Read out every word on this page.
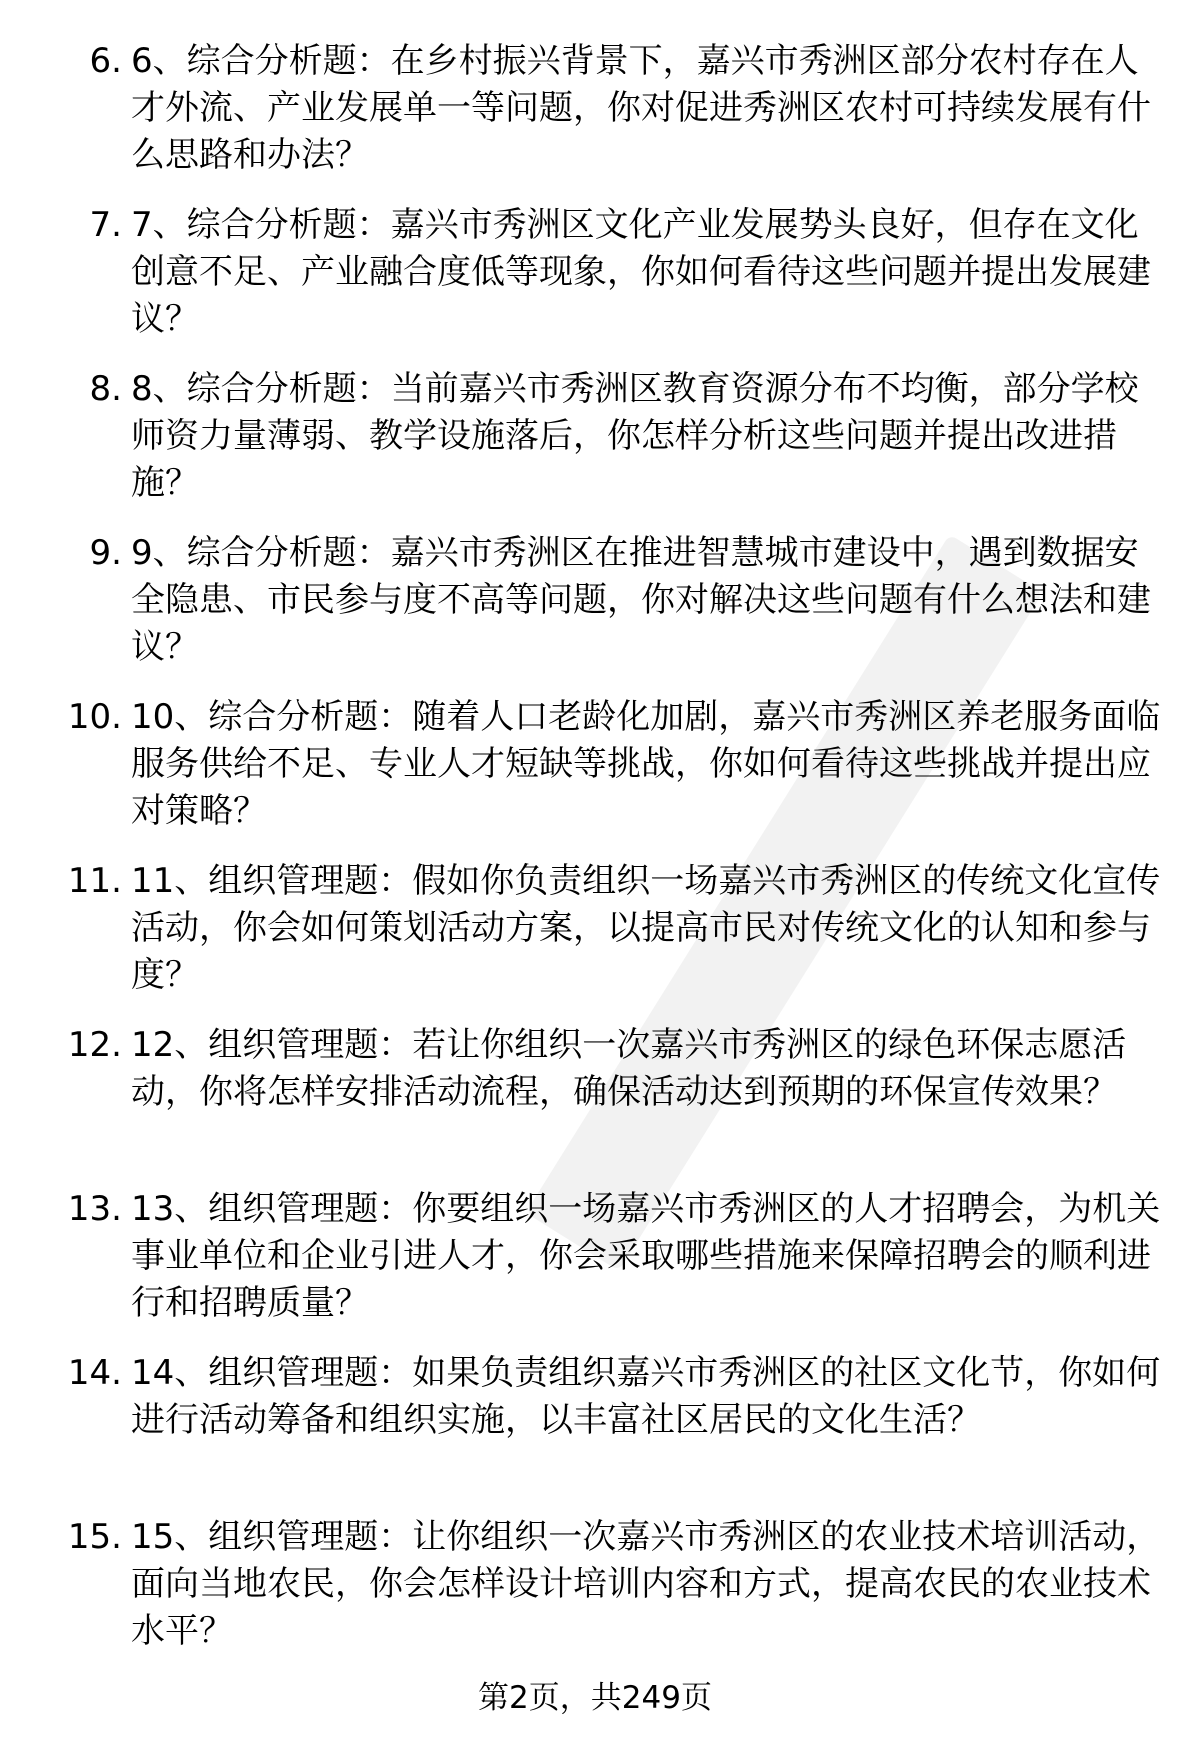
6. 6、综合分析题：在乡村振兴背景下，嘉兴市秀洲区部分农村存在人才外流、产业发展单一等问题，你对促进秀洲区农村可持续发展有什么思路和办法？
7. 7、综合分析题：嘉兴市秀洲区文化产业发展势头良好，但存在文化创意不足、产业融合度低等现象，你如何看待这些问题并提出发展建议？
8. 8、综合分析题：当前嘉兴市秀洲区教育资源分布不均衡，部分学校师资力量薄弱、教学设施落后，你怎样分析这些问题并提出改进措施？
9. 9、综合分析题：嘉兴市秀洲区在推进智慧城市建设中，遇到数据安全隐患、市民参与度不高等问题，你对解决这些问题有什么想法和建议？
10. 10、综合分析题：随着人口老龄化加剧，嘉兴市秀洲区养老服务面临服务供给不足、专业人才短缺等挑战，你如何看待这些挑战并提出应对策略？
11. 11、组织管理题：假如你负责组织一场嘉兴市秀洲区的传统文化宣传活动，你会如何策划活动方案，以提高市民对传统文化的认知和参与度？
12. 12、组织管理题：若让你组织一次嘉兴市秀洲区的绿色环保志愿活动，你将怎样安排活动流程，确保活动达到预期的环保宣传效果？
13. 13、组织管理题：你要组织一场嘉兴市秀洲区的人才招聘会，为机关事业单位和企业引进人才，你会采取哪些措施来保障招聘会的顺利进行和招聘质量？
14. 14、组织管理题：如果负责组织嘉兴市秀洲区的社区文化节，你如何进行活动筹备和组织实施，以丰富社区居民的文化生活？
15. 15、组织管理题：让你组织一次嘉兴市秀洲区的农业技术培训活动，面向当地农民，你会怎样设计培训内容和方式，提高农民的农业技术水平？
第2页，共249页
